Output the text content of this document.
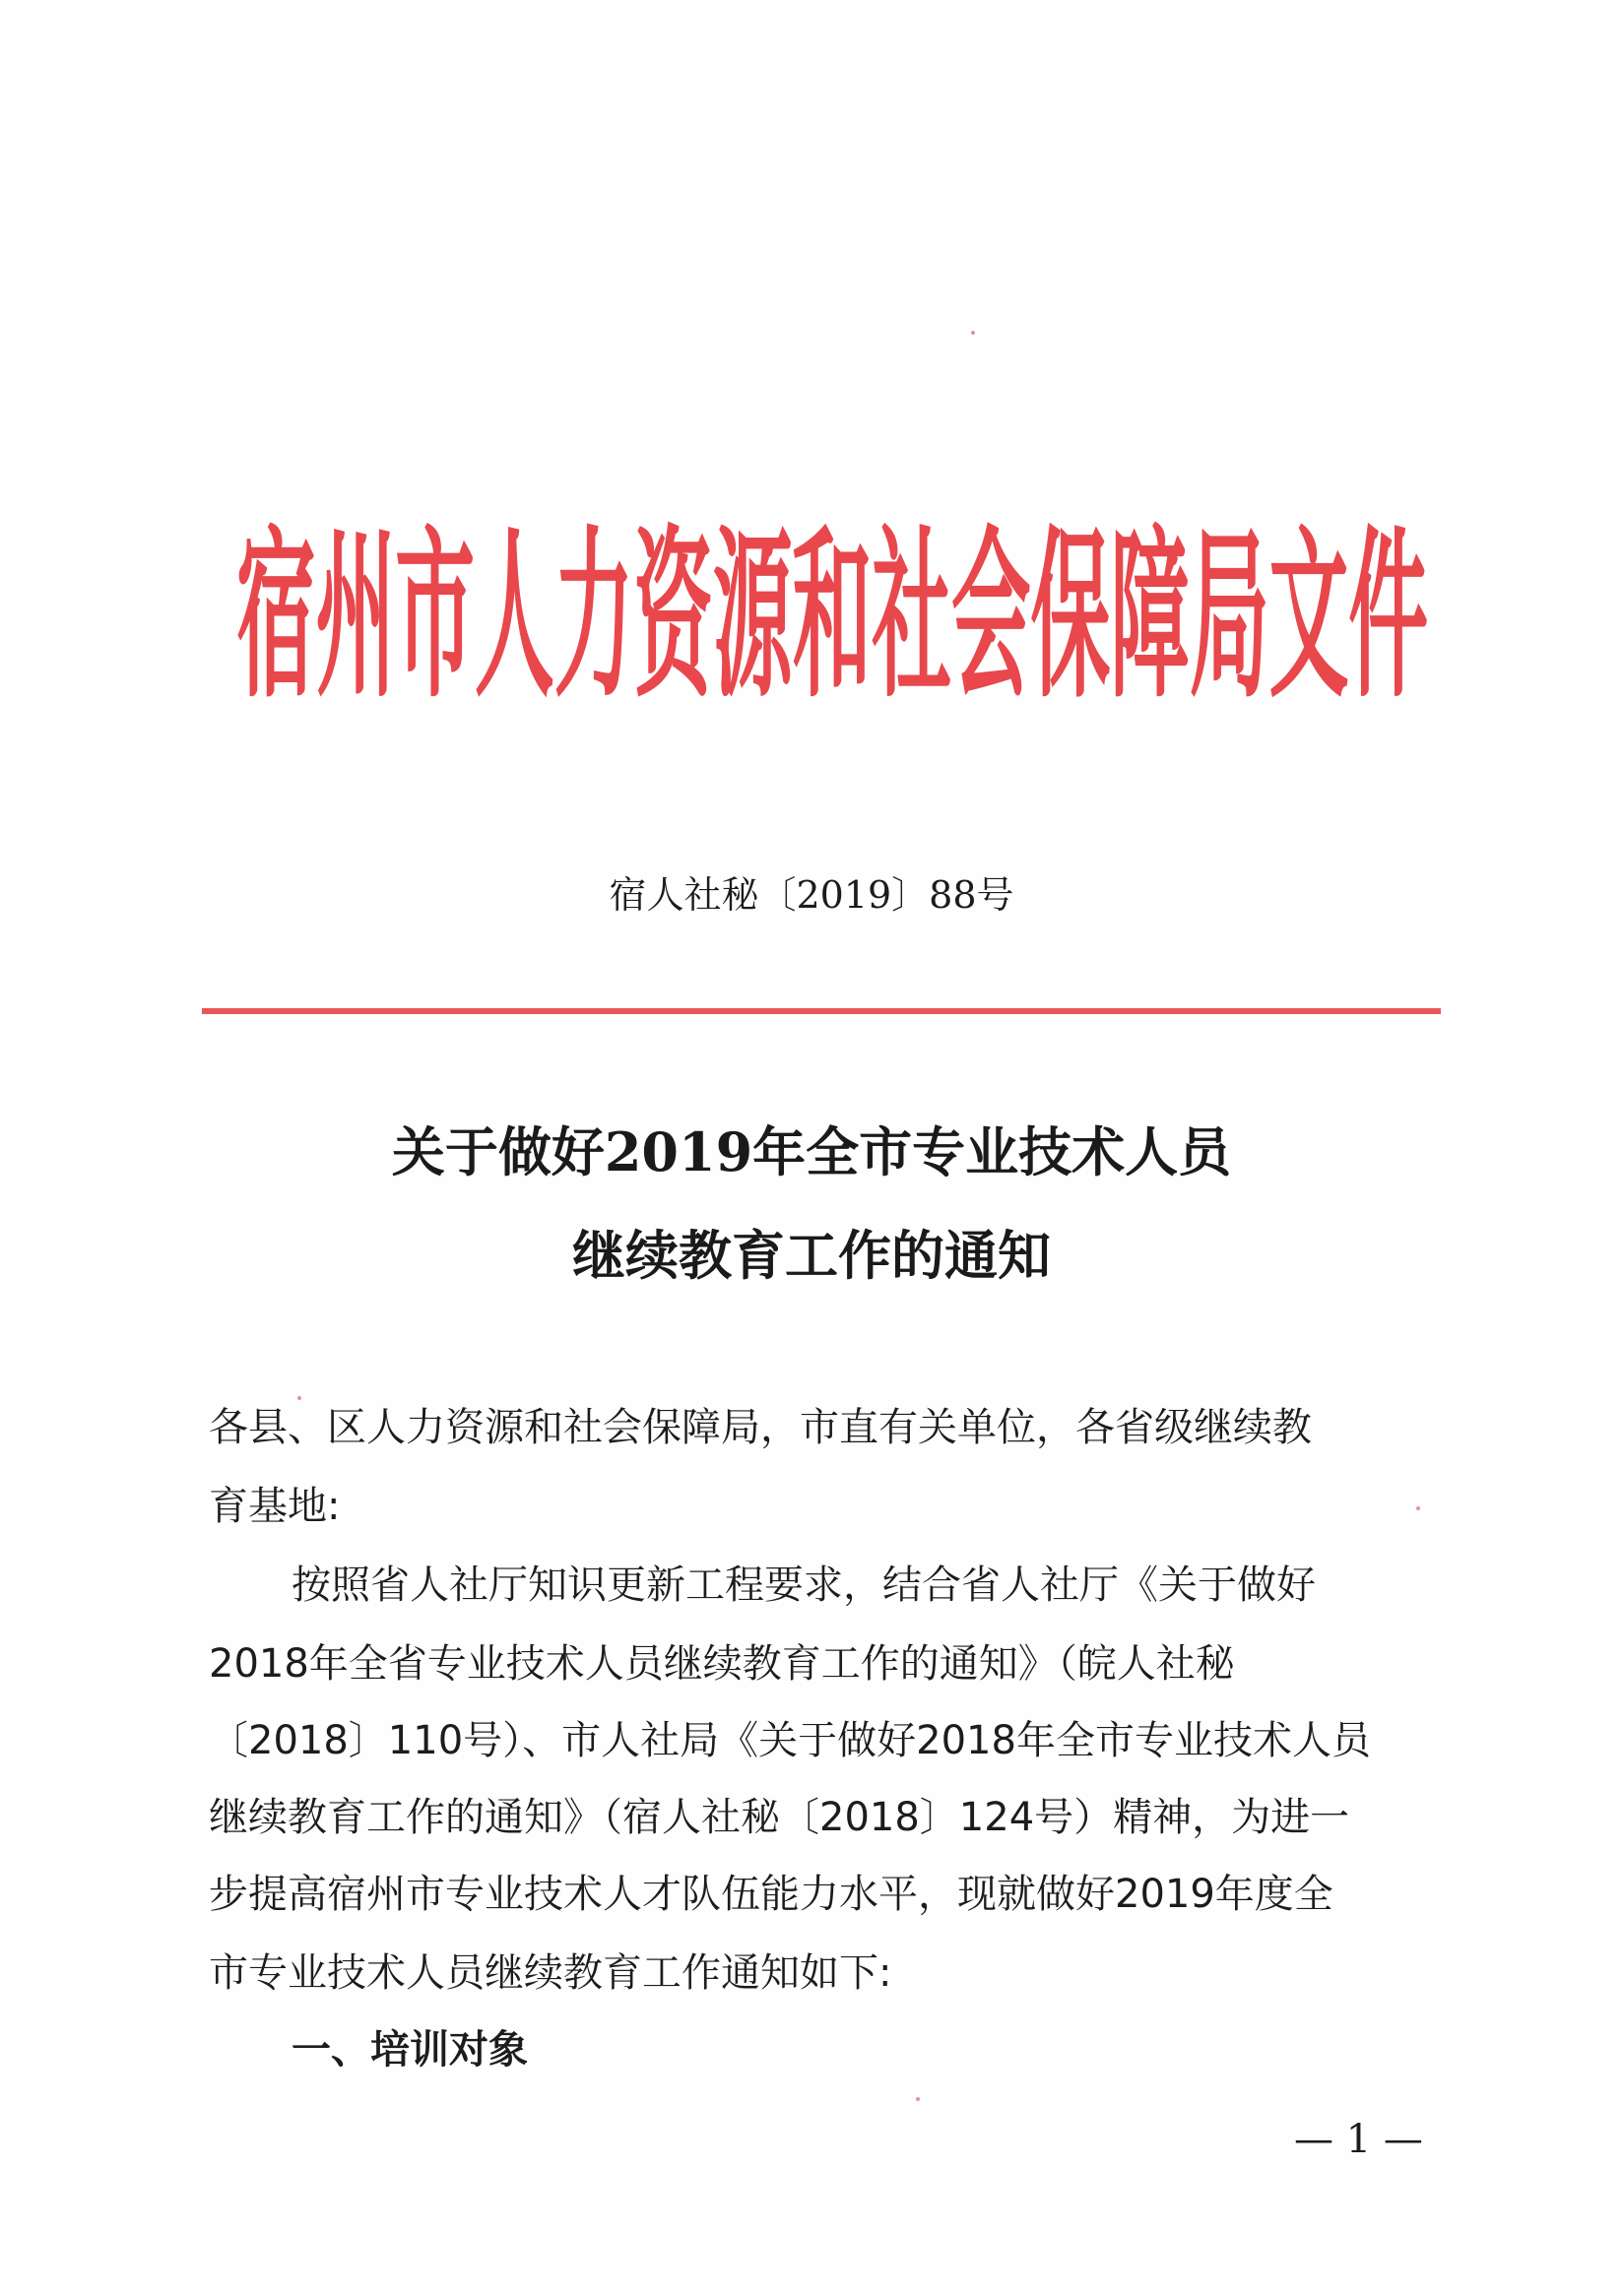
宿州市人力资源和社会保障局文件
宿人社秘〔2019〕88号
关于做好2019年全市专业技术人员
继续教育工作的通知
各县、区人力资源和社会保障局，市直有关单位，各省级继续教
育基地:
按照省人社厅知识更新工程要求，结合省人社厅《关于做好
2018年全省专业技术人员继续教育工作的通知》（皖人社秘
〔2018〕110号）、市人社局《关于做好2018年全市专业技术人员
继续教育工作的通知》（宿人社秘〔2018〕124号）精神，为进一
步提高宿州市专业技术人才队伍能力水平，现就做好2019年度全
市专业技术人员继续教育工作通知如下:
一、培训对象
— 1 —
